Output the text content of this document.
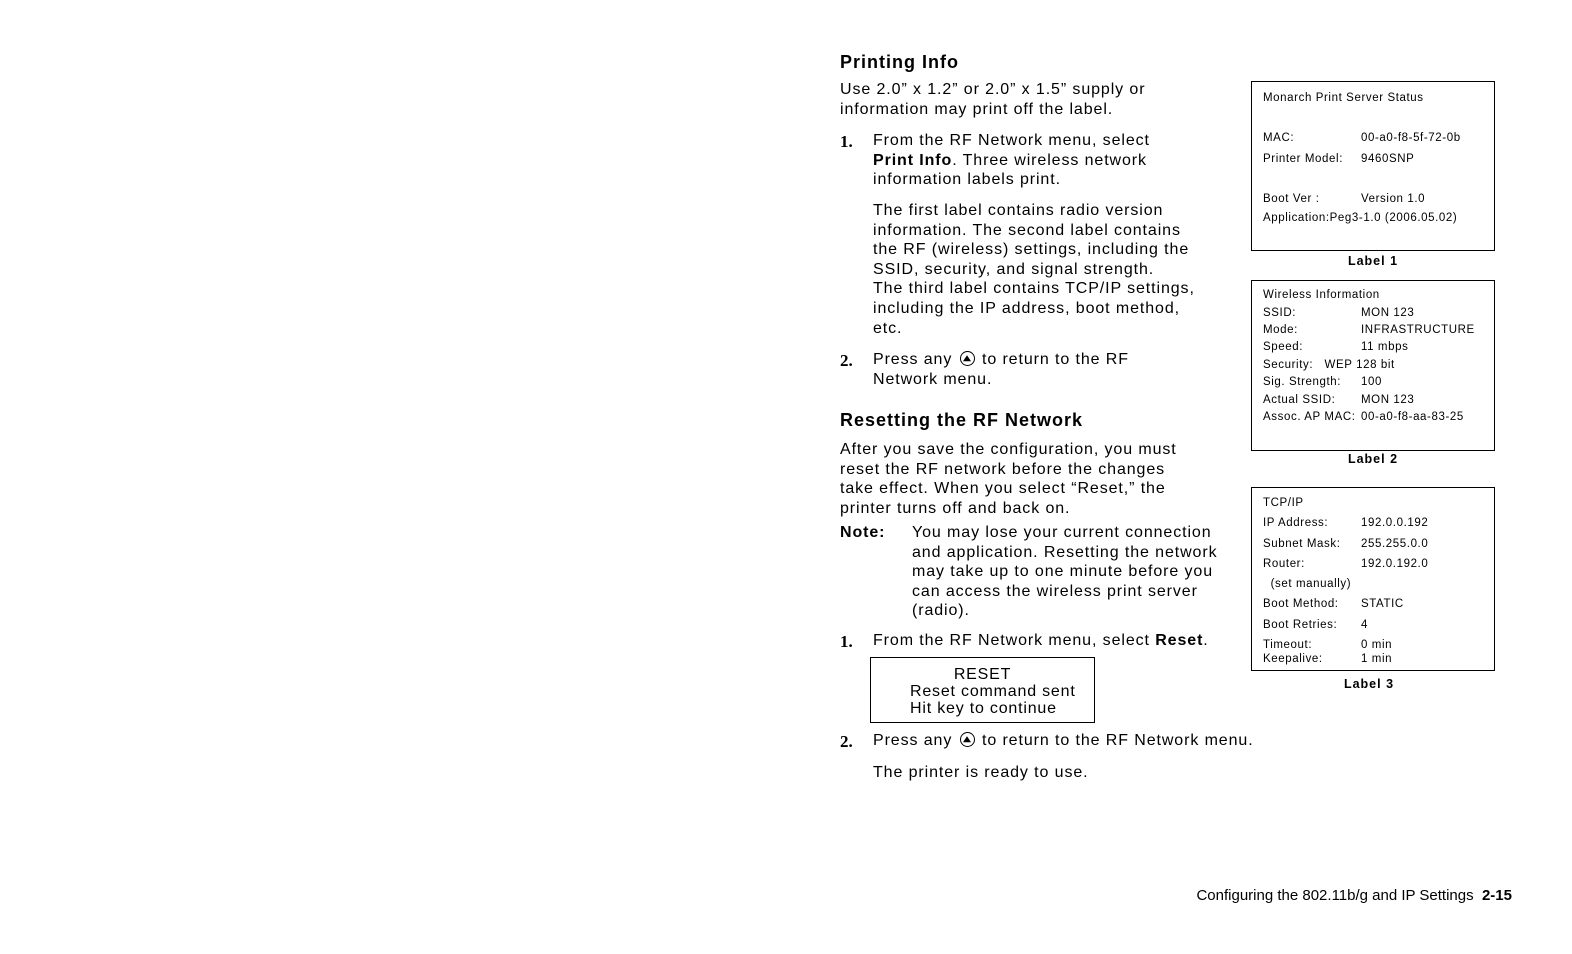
Printing Info
Use 2.0” x 1.2” or 2.0” x 1.5” supply or
information may print off the label.
1. From the RF Network menu, select
Print Info. Three wireless network
information labels print.
The first label contains radio version
information. The second label contains
the RF (wireless) settings, including the
SSID, security, and signal strength.
The third label contains TCP/IP settings,
including the IP address, boot method,
etc.
2. Press any to return to the RF
Network menu.
Resetting the RF Network
After you save the configuration, you must
reset the RF network before the changes
take effect. When you select “Reset,” the
printer turns off and back on.
Note: You may lose your current connection
and application. Resetting the network
may take up to one minute before you
can access the wireless print server
(radio).
1. From the RF Network menu, select Reset.
RESET
Reset command sent
Hit key to continue
2. Press any to return to the RF Network menu.
The printer is ready to use.
Monarch Print Server Status
MAC:	00-a0-f8-5f-72-0b
Printer Model: 9460SNP
Boot Ver :	Version 1.0
Application:Peg3-1.0 (2006.05.02)
Label 1
Wireless Information
SSID:	MON 123
Mode:	INFRASTRUCTURE
Speed:	11 mbps
Security:   WEP 128 bit
Sig. Strength: 100
Actual SSID: MON 123
Assoc. AP MAC: 00-a0-f8-aa-83-25
Label 2
TCP/IP
IP Address:	192.0.0.192
Subnet Mask: 255.255.0.0
Router:	192.0.192.0
(set manually)
Boot Method: STATIC
Boot Retries: 4
Timeout:	0 min
Keepalive:	1 min
Label 3
Configuring the 802.11b/g and IP Settings 2-15
